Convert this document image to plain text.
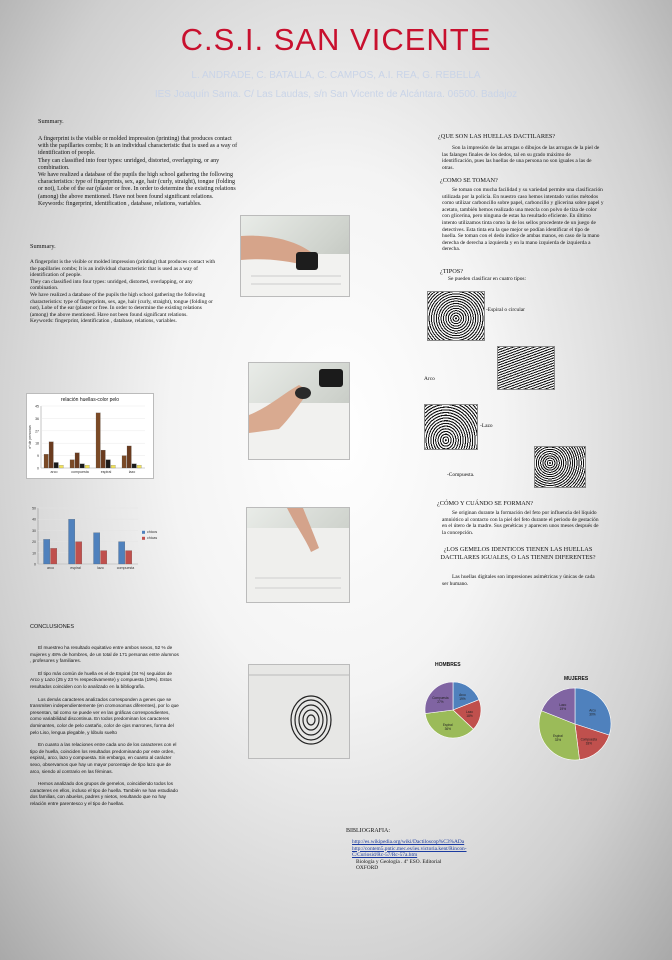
C.S.I. SAN VICENTE
L. ANDRADE, C. BATALLA, C. CAMPOS, A.I. REA, G. REBELLA
IES Joaquín Sama. C/ Las Laudas, s/n San Vicente de Alcántara. 06500. Badajoz
Summary.

A fingerprint is the visible or molded impression (printing) that produces contact with the papillaries combs; It is an individual characteristic that is used as a way of identification of people.

They can classified into four types: unridged, distorted, overlapping, or any combination.

We have realized a database of the pupils the high school gathering the following characteristics: type of fingerprints, sex, age, hair (curly, straight), tongue (folding or not), Lobe of the ear (plaster or free. In order to determine the existing relations (among) the above mentioned. Have not been found significant relations.

Keywords: fingerprint, identification , database, relations, variables.

Summary.

A fingerprint is the visible or molded impression (printing) that produces contact with the papillaries combs; It is an individual characteristic that is used as a way of identification of people.

They can classified into four types: unridged, distorted, overlapping, or any combination.

We have realized a database of the pupils the high school gathering the following characteristics: type of fingerprints, sex, age, hair (curly, straight), tongue (folding or not), Lobe of the ear (plaster or free. In order to determine the existing relations (among) the above mentioned. Have not been found significant relations.

Keywords: fingerprint, identification , database, relations, variables.

relación huellas-color pelo
0
9
18
27
36
45
nº de personas
arco	compuesta	espiral	lazo
0
10
20
30
40
50
arco	espiral	lazo	compuesta
chicos
chicas
¿QUE SON LAS HUELLAS DACTILARES?
Son la impresión de las arrugas o dibujos de las arrugas de la piel de las falanges finales de los dedos, tal en su grado máximo de identificación, pues las huellas de una persona no son iguales a las de otras.
¿COMO SE TOMAN?
Se toman con mucha facilidad y su variedad permite una clasificación utilizada por la policía. En nuestro caso hemos intentado varios métodos como utilizar carboncillo sobre papel, carboncillo y glicerina sobre papel y acetato, también hemos realizado una mezcla con polvo de tiza de color con glicerina, pero ninguna de estas ha resultado eficiente. En último intento utilizamos tinta como la de los sellos procedente de un juego de detectives. Esta tinta era la que mejor se podían identificar el tipo de huella. Se toman con el dedo índice de ambas manos, en caso de la mano derecha de derecha a izquierda y en la mano izquierda de izquierda a derecha.
¿TIPOS?
Se pueden clasificar en cuatro tipos:
-Espiral o circular
Arco
-Lazo
-Compuesta.
¿CÓMO Y CUÁNDO SE FORMAN?
Se originan durante la formación del feto por influencia del líquido amniótico al contacto con la piel del feto durante el periodo de gestación en el útero de la madre. Sus genéticas y aparecen unos meses después de la concepción.
¿LOS GEMELOS IDENTICOS TIENEN LAS HUELLAS DACTILARES IGUALES, O LAS TIENEN DIFERENTES?
Las huellas digitales son impresiones asimétricas y únicas de cada ser humano.
CONCLUSIONES

El muestreo ha resultado equitativo entre ambos sexos, 52 % de mujeres y 48% de hombres, de un total de 171 personas entre alumnos , profesores y familiares.

El tipo más común de huella es el de Espiral (34 %) seguidos de Arco y Lazo (25 y 23 % respectivamente) y compuesta (19%). Estos resultados coinciden con lo analizado en la bibliografía.

Los demás caracteres analizados corresponden a genes que se transmiten independientemente (en cromosomas diferentes), por lo que presentan, tal como se puede ver en las gráficas correspondientes, como variabilidad discontinua. En todos predominan los caracteres dominantes, color de pelo castaño, color de ojos marrones, forma del pelo Liso, lengua plegable, y lóbulo suelto

En cuanto a las relaciones entre cada uno de los caracteres con el tipo de huella, coinciden los resultados predominando por este orden, espiral,, arco, lazo y compuesta. Sin embargo, en cuanto al carácter sexo, observamos que hay un mayor porcentaje de tipo lazo que de arco, siendo al contrario en las féminas.

Hemos analizado dos grupos de gemelos, coincidiendo todos los caracteres en ellos, incluso el tipo de huella. También se han estudiado dos familias, con abuelos, padres y nietos, resultando que no hay relación entre parentesco y el tipo de huellas.

HOMBRES
Arco
19%
Lazo
18%
Espiral
36%
Compuesta
27%
MUJERES
Arco
30%
Compuesta
18%
Espiral
33%
Lazo
19%
BIBLIOGRAFIA:

http://es.wikipedia.org/wiki/Dactiloscop%C3%ADa

http://contem5.pntic.mec.es/ies.victoria.kent/Rincon-C/Curiosid/Rc-57/Rc-57a.htm

Biología y Geología . 4º ESO. Editorial OXFORD
